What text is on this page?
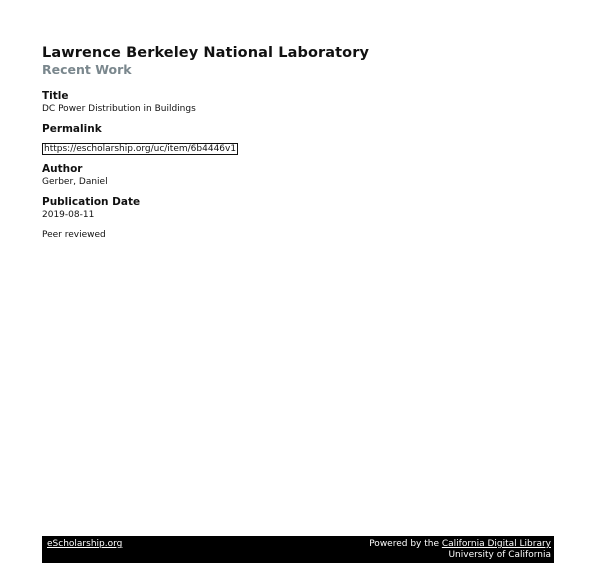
Lawrence Berkeley National Laboratory
Recent Work
Title
DC Power Distribution in Buildings
Permalink
https://escholarship.org/uc/item/6b4446v1
Author
Gerber, Daniel
Publication Date
2019-08-11
Peer reviewed
eScholarship.org	Powered by the California Digital Library
University of California
